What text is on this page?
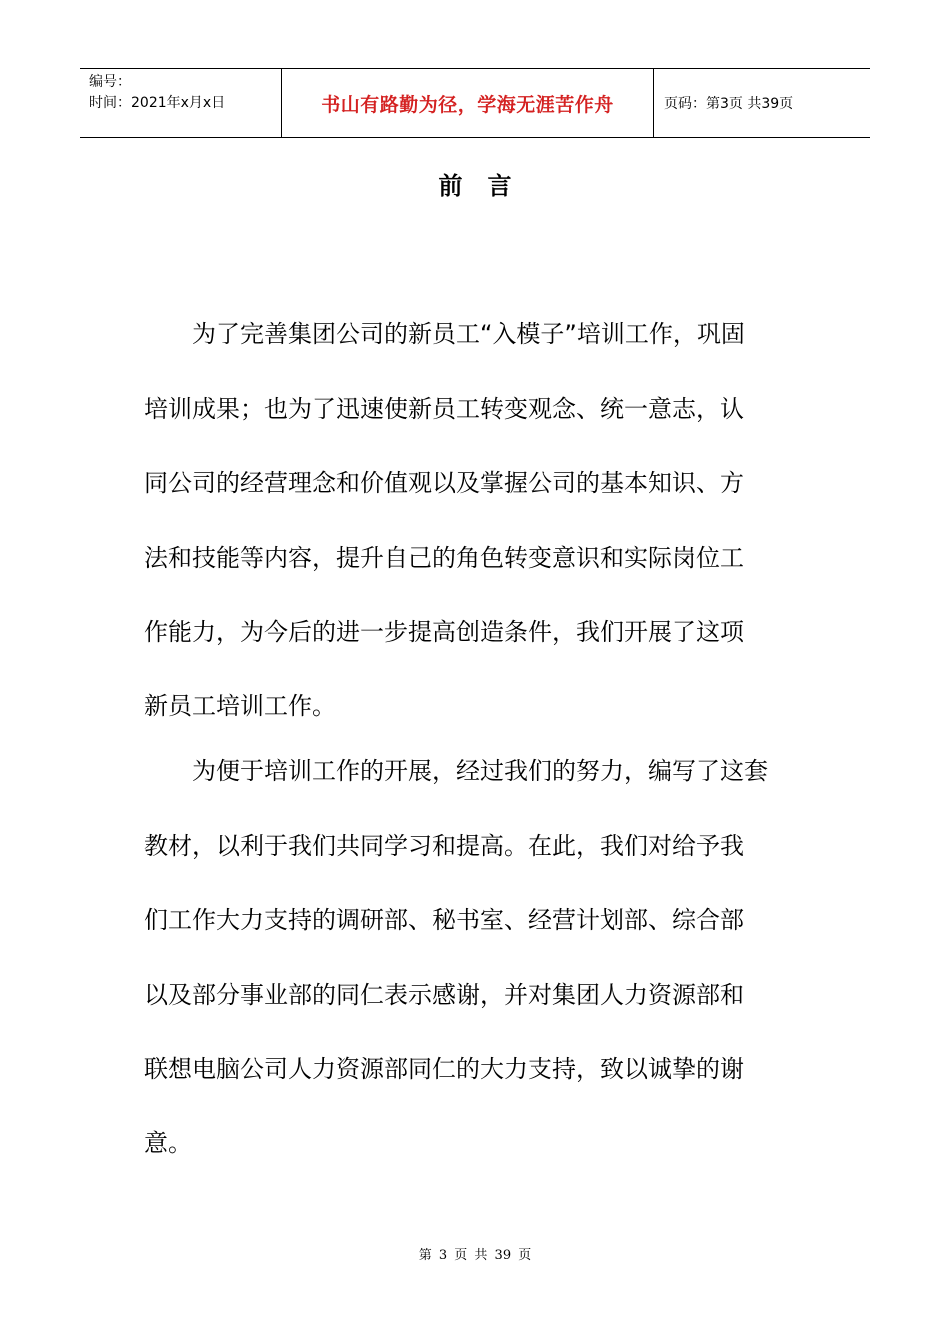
编号：
时间：2021年x月x日	书山有路勤为径，学海无涯苦作舟	页码：第3页 共39页
前   言
　　为了完善集团公司的新员工“入模子”培训工作，巩固
培训成果；也为了迅速使新员工转变观念、统一意志，认
同公司的经营理念和价值观以及掌握公司的基本知识、方
法和技能等内容，提升自己的角色转变意识和实际岗位工
作能力，为今后的进一步提高创造条件，我们开展了这项
新员工培训工作。
　　为便于培训工作的开展，经过我们的努力，编写了这套
教材，以利于我们共同学习和提高。在此，我们对给予我
们工作大力支持的调研部、秘书室、经营计划部、综合部
以及部分事业部的同仁表示感谢，并对集团人力资源部和
联想电脑公司人力资源部同仁的大力支持，致以诚挚的谢
意。
第 3 页 共 39 页
